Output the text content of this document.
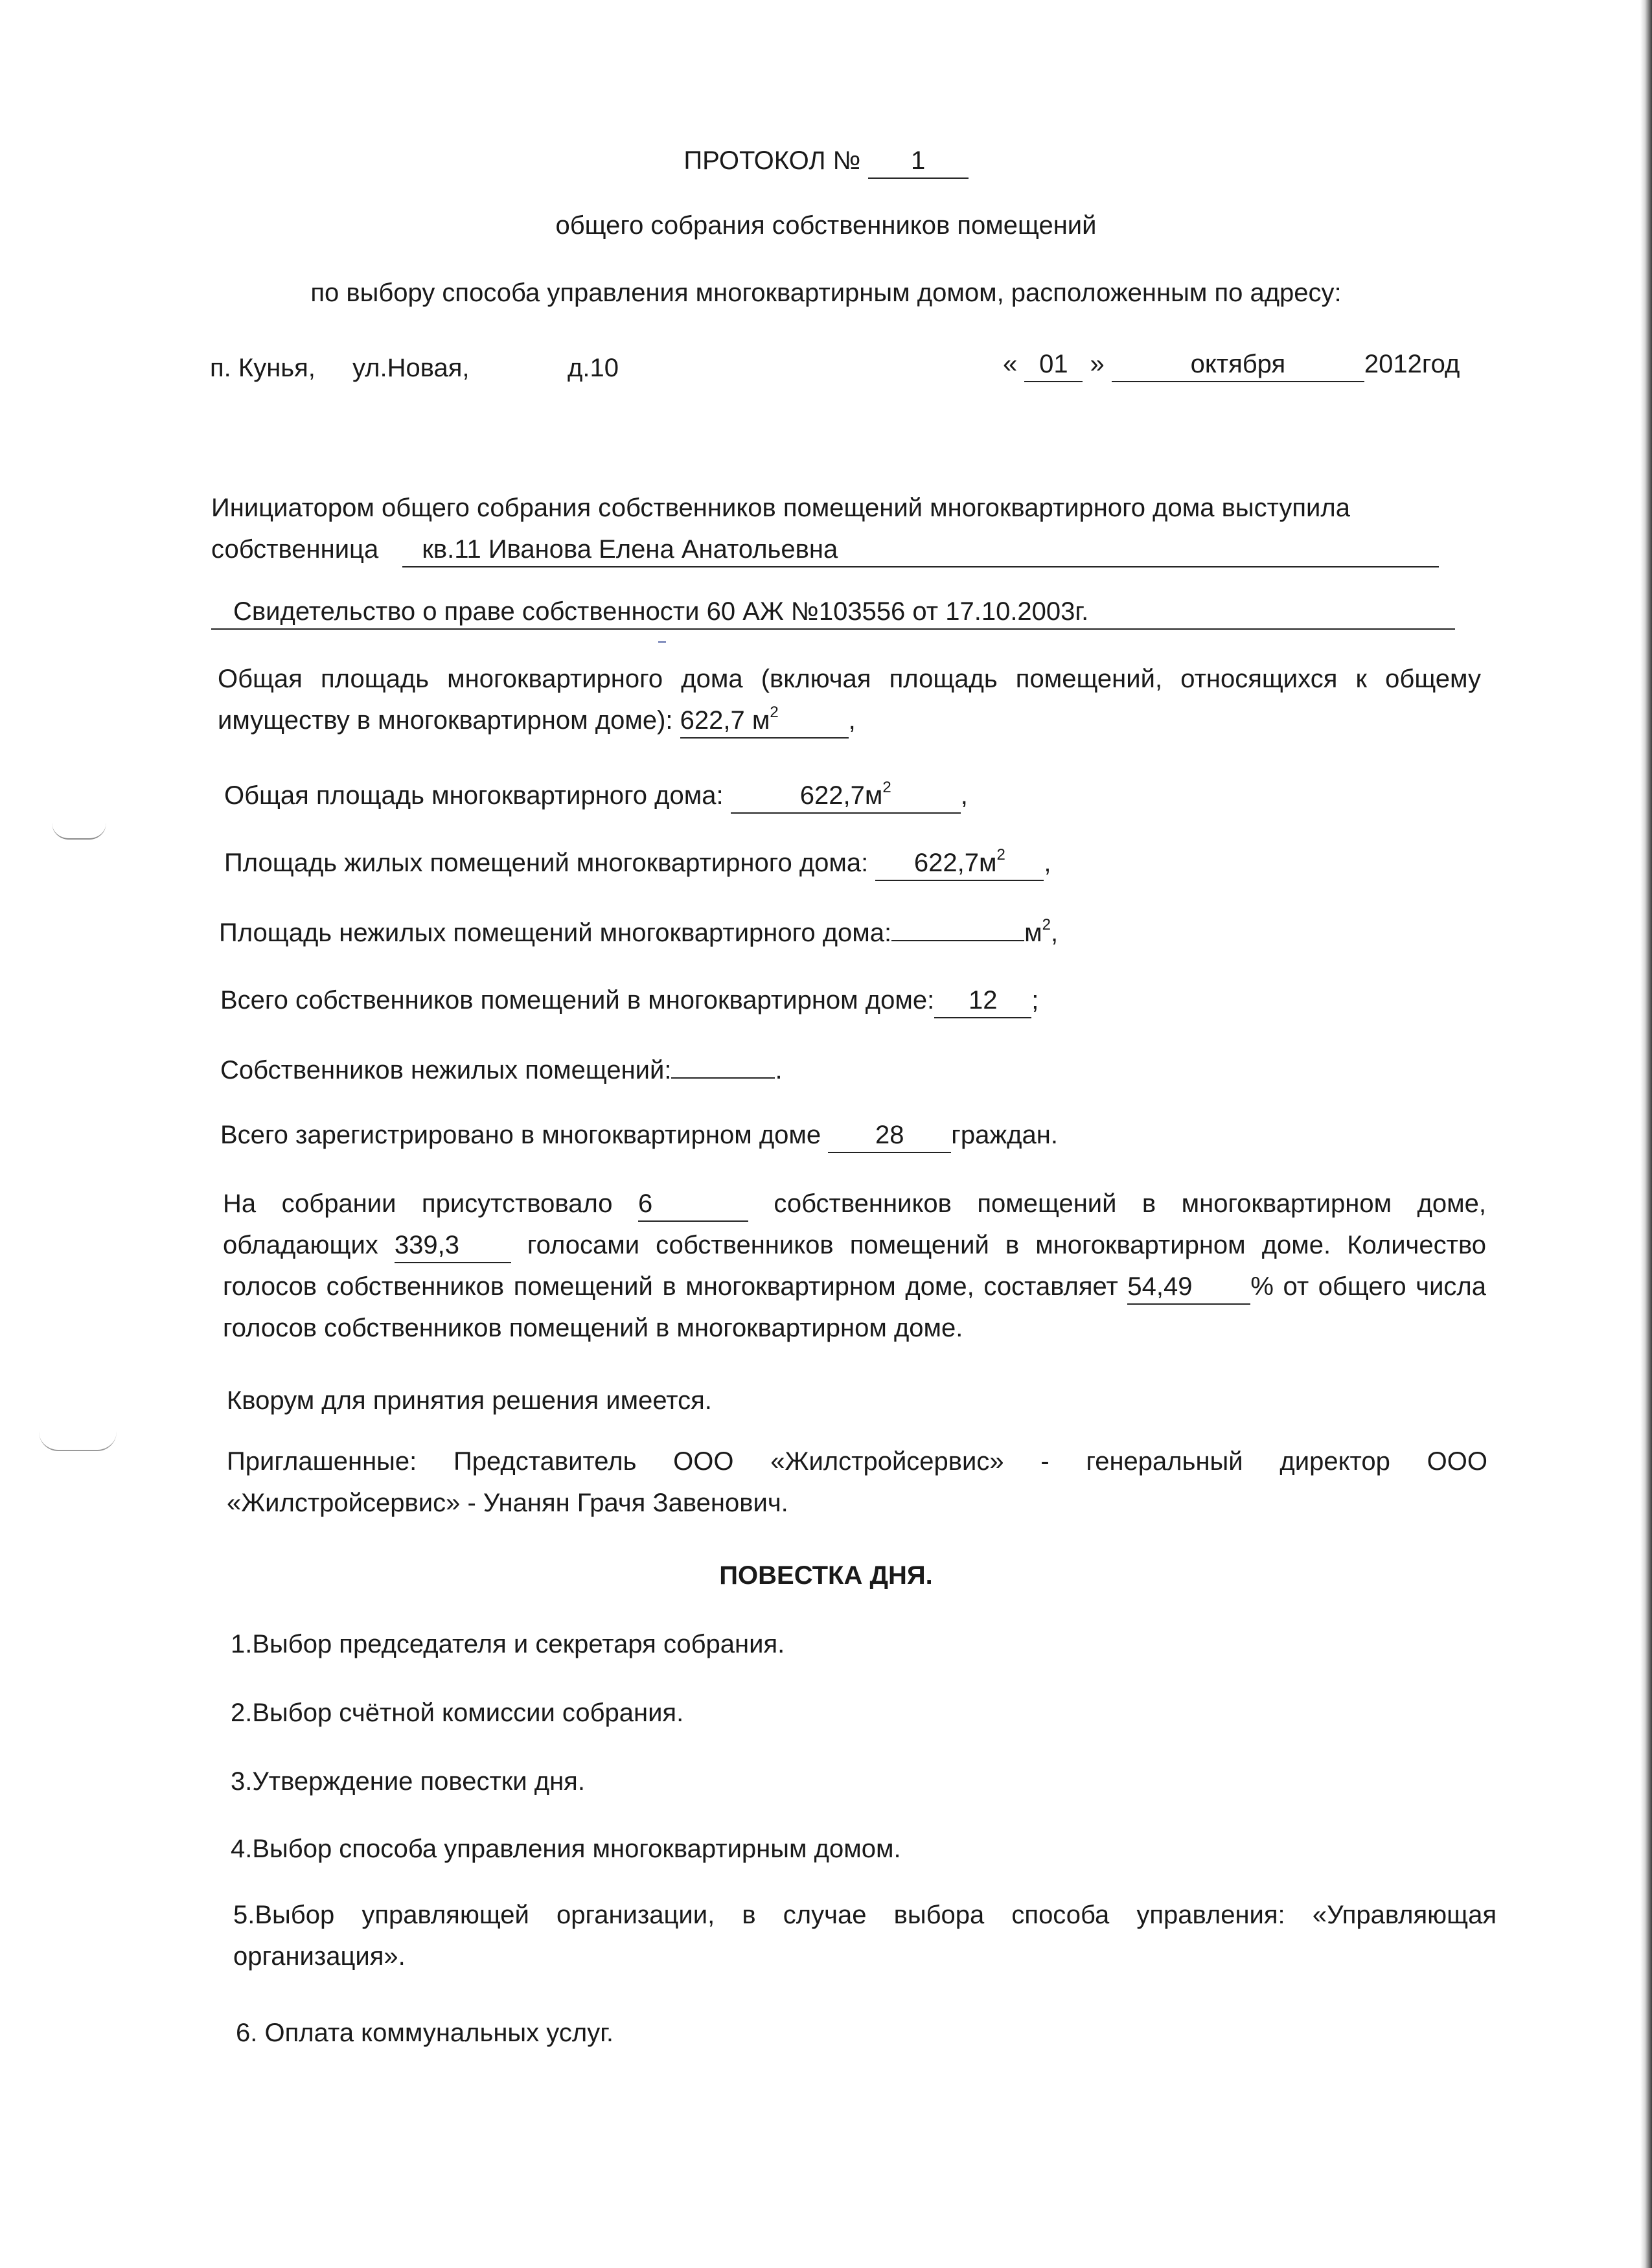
ПРОТОКОЛ № 1
общего собрания собственников помещений
по выбору способа управления многоквартирным домом, расположенным по адресу:
п. Кунья, ул.Новая,	д.10	« 01 »	октября	2012год
Инициатором общего собрания собственников помещений многоквартирного дома выступила
собственница кв.11 Иванова Елена Анатольевна
Свидетельство о праве собственности 60 АЖ №103556 от 17.10.2003г.
Общая площадь многоквартирного дома (включая площадь помещений, относящихся к общему имуществу в многоквартирном доме): 622,7 $м^2$	,
Общая площадь многоквартирного дома:	$622,7м^2$	,
Площадь жилых помещений многоквартирного дома: $622,7м^2$ ,
Площадь нежилых помещений многоквартирного дома:	$м^2$,
Всего собственников помещений в многоквартирном доме: 12 ;
Собственников нежилых помещений:	.
Всего зарегистрировано в многоквартирном доме 28 граждан.
На собрании присутствовало 6	собственников помещений в многоквартирном доме, обладающих 339,3	голосами собственников помещений в многоквартирном доме. Количество голосов собственников помещений в многоквартирном доме, составляет 54,49 % от общего числа голосов собственников помещений в многоквартирном доме.
Кворум для принятия решения имеется.
Приглашенные: Представитель ООО «Жилстройсервис» - генеральный директор ООО «Жилстройсервис» - Унанян Грачя Завенович.
ПОВЕСТКА ДНЯ.
1.Выбор председателя и секретаря собрания.
2.Выбор счётной комиссии собрания.
3.Утверждение повестки дня.
4.Выбор способа управления многоквартирным домом.
5.Выбор управляющей организации, в случае выбора способа управления: «Управляющая организация».
6. Оплата коммунальных услуг.
